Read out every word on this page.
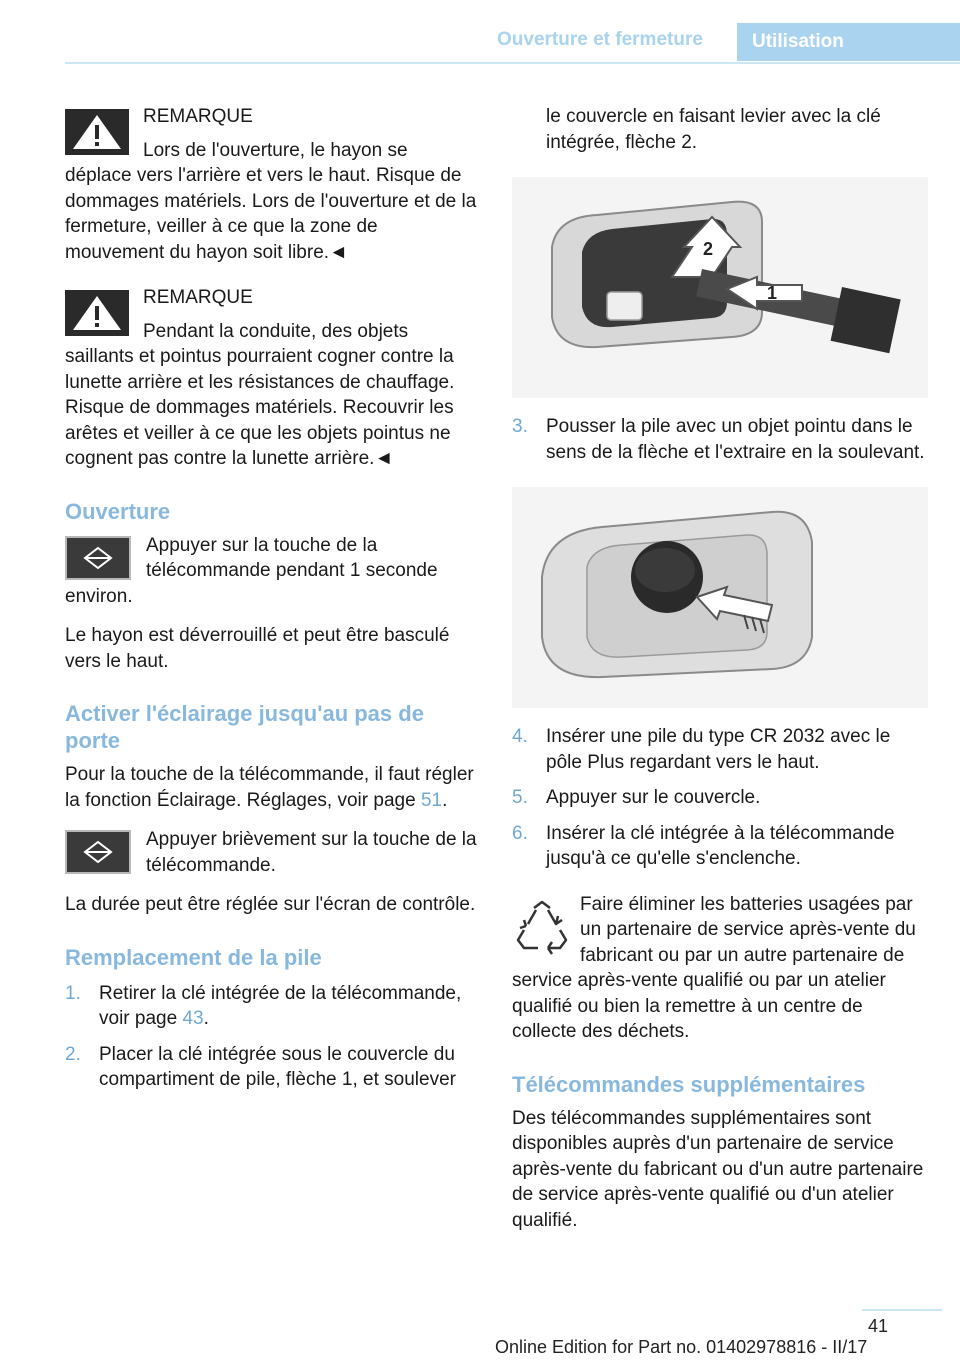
Ouverture et fermeture	Utilisation

REMARQUE

Lors de l'ouverture, le hayon se déplace vers l'arrière et vers le haut. Risque de dommages matériels. Lors de l'ouverture et de la fermeture, veiller à ce que la zone de mouvement du hayon soit libre.◄

REMARQUE

Pendant la conduite, des objets saillants et pointus pourraient cogner contre la lunette arrière et les résistances de chauffage. Risque de dommages matériels. Recouvrir les arêtes et veiller à ce que les objets pointus ne cognent pas contre la lunette arrière.◄

Ouverture

Appuyer sur la touche de la télécommande pendant 1 seconde environ.

Le hayon est déverrouillé et peut être basculé vers le haut.

Activer l'éclairage jusqu'au pas de porte

Pour la touche de la télécommande, il faut régler la fonction Éclairage. Réglages, voir page 51.

Appuyer brièvement sur la touche de la télécommande.

La durée peut être réglée sur l'écran de contrôle.

Remplacement de la pile

1. Retirer la clé intégrée de la télécommande, voir page 43.

2. Placer la clé intégrée sous le couvercle du compartiment de pile, flèche 1, et soulever

le couvercle en faisant levier avec la clé intégrée, flèche 2.

2
1

3. Pousser la pile avec un objet pointu dans le sens de la flèche et l'extraire en la soulevant.

4. Insérer une pile du type CR 2032 avec le pôle Plus regardant vers le haut.

5. Appuyer sur le couvercle.

6. Insérer la clé intégrée à la télécommande jusqu'à ce qu'elle s'enclenche.

Faire éliminer les batteries usagées par un partenaire de service après-vente du fabricant ou par un autre partenaire de service après-vente qualifié ou par un atelier qualifié ou bien la remettre à un centre de collecte des déchets.

Télécommandes supplémentaires

Des télécommandes supplémentaires sont disponibles auprès d'un partenaire de service après-vente du fabricant ou d'un autre partenaire de service après-vente qualifié ou d'un atelier qualifié.

41
Online Edition for Part no. 01402978816 - II/17
